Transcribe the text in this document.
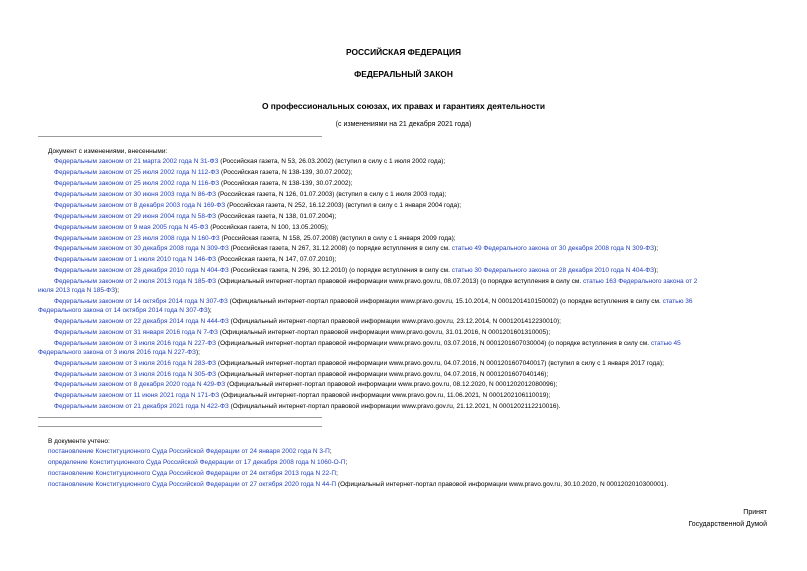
РОССИЙСКАЯ ФЕДЕРАЦИЯ
ФЕДЕРАЛЬНЫЙ ЗАКОН
О профессиональных союзах, их правах и гарантиях деятельности
(с изменениями на 21 декабря 2021 года)
Документ с изменениями, внесенными:
Федеральным законом от 21 марта 2002 года N 31-ФЗ (Российская газета, N 53, 26.03.2002) (вступил в силу с 1 июля 2002 года);
Федеральным законом от 25 июля 2002 года N 112-ФЗ (Российская газета, N 138-139, 30.07.2002);
Федеральным законом от 25 июля 2002 года N 116-ФЗ (Российская газета, N 138-139, 30.07.2002);
Федеральным законом от 30 июня 2003 года N 86-ФЗ (Российская газета, N 126, 01.07.2003) (вступил в силу с 1 июля 2003 года);
Федеральным законом от 8 декабря 2003 года N 169-ФЗ (Российская газета, N 252, 16.12.2003) (вступил в силу с 1 января 2004 года);
Федеральным законом от 29 июня 2004 года N 58-ФЗ (Российская газета, N 138, 01.07.2004);
Федеральным законом от 9 мая 2005 года N 45-ФЗ (Российская газета, N 100, 13.05.2005);
Федеральным законом от 23 июля 2008 года N 160-ФЗ (Российская газета, N 158, 25.07.2008) (вступил в силу с 1 января 2009 года);
Федеральным законом от 30 декабря 2008 года N 309-ФЗ (Российская газета, N 267, 31.12.2008) (о порядке вступления в силу см. статью 49 Федерального закона от 30 декабря 2008 года N 309-ФЗ);
Федеральным законом от 1 июля 2010 года N 146-ФЗ (Российская газета, N 147, 07.07.2010);
Федеральным законом от 28 декабря 2010 года N 404-ФЗ (Российская газета, N 296, 30.12.2010) (о порядке вступления в силу см. статью 30 Федерального закона от 28 декабря 2010 года N 404-ФЗ);
Федеральным законом от 2 июля 2013 года N 185-ФЗ (Официальный интернет-портал правовой информации www.pravo.gov.ru, 08.07.2013) (о порядке вступления в силу см. статью 163 Федерального закона от 2
июля 2013 года N 185-ФЗ);
Федеральным законом от 14 октября 2014 года N 307-ФЗ (Официальный интернет-портал правовой информации www.pravo.gov.ru, 15.10.2014, N 0001201410150002) (о порядке вступления в силу см. статью 36
Федерального закона от 14 октября 2014 года N 307-ФЗ);
Федеральным законом от 22 декабря 2014 года N 444-ФЗ (Официальный интернет-портал правовой информации www.pravo.gov.ru, 23.12.2014, N 0001201412230010);
Федеральным законом от 31 января 2016 года N 7-ФЗ (Официальный интернет-портал правовой информации www.pravo.gov.ru, 31.01.2016, N 0001201601310005);
Федеральным законом от 3 июля 2016 года N 227-ФЗ (Официальный интернет-портал правовой информации www.pravo.gov.ru, 03.07.2016, N 0001201607030004) (о порядке вступления в силу см. статью 45
Федерального закона от 3 июля 2016 года N 227-ФЗ);
Федеральным законом от 3 июля 2016 года N 283-ФЗ (Официальный интернет-портал правовой информации www.pravo.gov.ru, 04.07.2016, N 0001201607040017) (вступил в силу с 1 января 2017 года);
Федеральным законом от 3 июля 2016 года N 305-ФЗ (Официальный интернет-портал правовой информации www.pravo.gov.ru, 04.07.2016, N 0001201607040146);
Федеральным законом от 8 декабря 2020 года N 429-ФЗ (Официальный интернет-портал правовой информации www.pravo.gov.ru, 08.12.2020, N 0001202012080096);
Федеральным законом от 11 июня 2021 года N 171-ФЗ (Официальный интернет-портал правовой информации www.pravo.gov.ru, 11.06.2021, N 0001202106110019);
Федеральным законом от 21 декабря 2021 года N 422-ФЗ (Официальный интернет-портал правовой информации www.pravo.gov.ru, 21.12.2021, N 0001202112210016).
В документе учтено:
постановление Конституционного Суда Российской Федерации от 24 января 2002 года N 3-П;
определение Конституционного Суда Российской Федерации от 17 декабря 2008 года N 1060-О-П;
постановление Конституционного Суда Российской Федерации от 24 октября 2013 года N 22-П;
постановление Конституционного Суда Российской Федерации от 27 октября 2020 года N 44-П (Официальный интернет-портал правовой информации www.pravo.gov.ru, 30.10.2020, N 0001202010300001).
Принят
Государственной Думой
